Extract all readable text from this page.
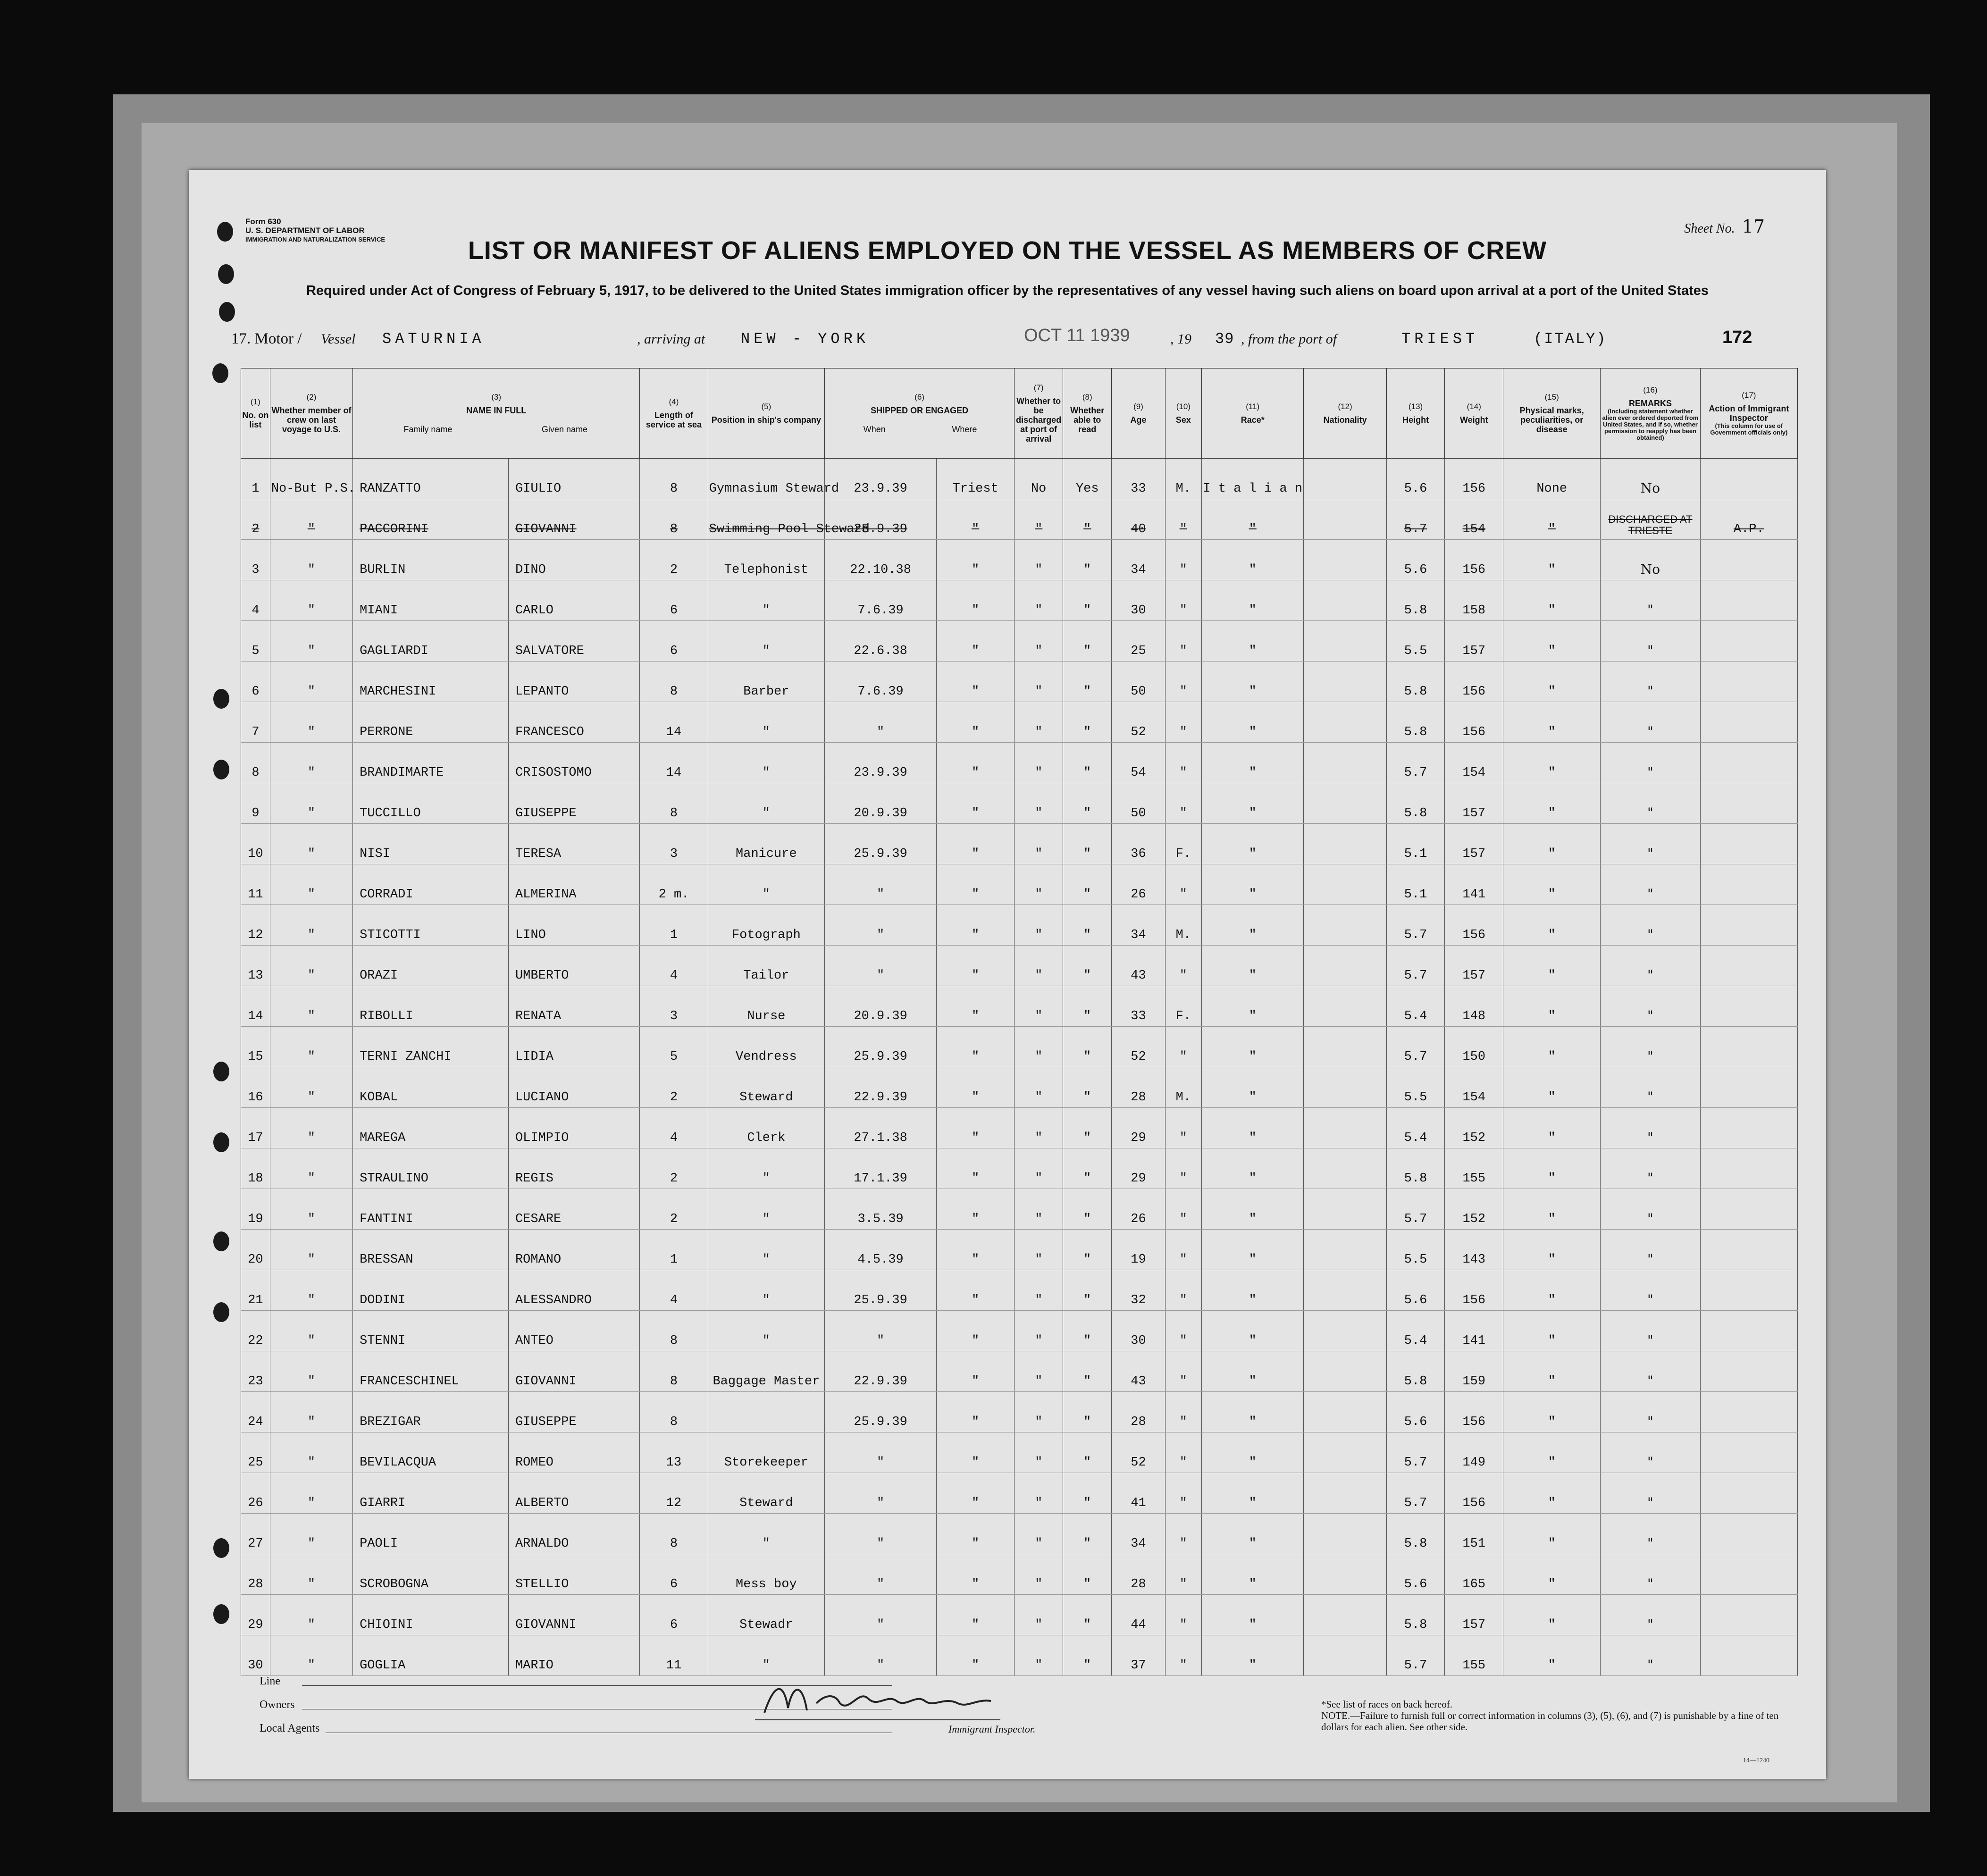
Form 630
U. S. DEPARTMENT OF LABOR
IMMIGRATION AND NATURALIZATION SERVICE
Sheet No. 17
LIST OR MANIFEST OF ALIENS EMPLOYED ON THE VESSEL AS MEMBERS OF CREW
Required under Act of Congress of February 5, 1917, to be delivered to the United States immigration officer by the representatives of any vessel having such aliens on board upon arrival at a port of the United States
17. Motor / Vessel SATURNIA	, arriving at NEW - YORK	OCT 11 1939	, 19 39 , from the port of	TRIEST	(ITALY)	172
(1)
No. on list	(2)
Whether member of crew on last voyage to U.S.	(3)
NAME IN FULL

Family name Given name		(4)
Length of service at sea	(5)
Position in ship's company	(6)
SHIPPED OR ENGAGED

When Where		(7)
Whether to be discharged at port of arrival	(8)
Whether able to read	(9)
Age	(10)
Sex	(11)
Race*	(12)
Nationality	(13)
Height	(14)
Weight	(15)
Physical marks, peculiarities, or disease	(16)
REMARKS

(Including statement whether alien ever ordered deported from United States, and if so, whether permission to reapply has been obtained)	(17)
Action of Immigrant Inspector

(This column for use of Government officials only)

1	No-But P.S.	RANZATTO	GIULIO	8	Gymnasium Steward	23.9.39	Triest	No	Yes	33	M.	I t a l i a n		5.6	156	None	No	
2	"	PACCORINI	GIOVANNI	8	Swimming Pool Steward	25.9.39	"	"	"	40	"	"		5.7	154	"	DISCHARGED AT TRIESTE	A.P.
3	"	BURLIN	DINO	2	Telephonist	22.10.38	"	"	"	34	"	"		5.6	156	"	No	
4	"	MIANI	CARLO	6	"	7.6.39	"	"	"	30	"	"		5.8	158	"	"	
5	"	GAGLIARDI	SALVATORE	6	"	22.6.38	"	"	"	25	"	"		5.5	157	"	"	
6	"	MARCHESINI	LEPANTO	8	Barber	7.6.39	"	"	"	50	"	"		5.8	156	"	"	
7	"	PERRONE	FRANCESCO	14	"	"	"	"	"	52	"	"		5.8	156	"	"	
8	"	BRANDIMARTE	CRISOSTOMO	14	"	23.9.39	"	"	"	54	"	"		5.7	154	"	"	
9	"	TUCCILLO	GIUSEPPE	8	"	20.9.39	"	"	"	50	"	"		5.8	157	"	"	
10	"	NISI	TERESA	3	Manicure	25.9.39	"	"	"	36	F.	"		5.1	157	"	"	
11	"	CORRADI	ALMERINA	2 m.	"	"	"	"	"	26	"	"		5.1	141	"	"	
12	"	STICOTTI	LINO	1	Fotograph	"	"	"	"	34	M.	"		5.7	156	"	"	
13	"	ORAZI	UMBERTO	4	Tailor	"	"	"	"	43	"	"		5.7	157	"	"	
14	"	RIBOLLI	RENATA	3	Nurse	20.9.39	"	"	"	33	F.	"		5.4	148	"	"	
15	"	TERNI ZANCHI	LIDIA	5	Vendress	25.9.39	"	"	"	52	"	"		5.7	150	"	"	
16	"	KOBAL	LUCIANO	2	Steward	22.9.39	"	"	"	28	M.	"		5.5	154	"	"	
17	"	MAREGA	OLIMPIO	4	Clerk	27.1.38	"	"	"	29	"	"		5.4	152	"	"	
18	"	STRAULINO	REGIS	2	"	17.1.39	"	"	"	29	"	"		5.8	155	"	"	
19	"	FANTINI	CESARE	2	"	3.5.39	"	"	"	26	"	"		5.7	152	"	"	
20	"	BRESSAN	ROMANO	1	"	4.5.39	"	"	"	19	"	"		5.5	143	"	"	
21	"	DODINI	ALESSANDRO	4	"	25.9.39	"	"	"	32	"	"		5.6	156	"	"	
22	"	STENNI	ANTEO	8	"	"	"	"	"	30	"	"		5.4	141	"	"	
23	"	FRANCESCHINEL	GIOVANNI	8	Baggage Master	22.9.39	"	"	"	43	"	"		5.8	159	"	"	
24	"	BREZIGAR	GIUSEPPE	8		25.9.39	"	"	"	28	"	"		5.6	156	"	"	
25	"	BEVILACQUA	ROMEO	13	Storekeeper	"	"	"	"	52	"	"		5.7	149	"	"	
26	"	GIARRI	ALBERTO	12	Steward	"	"	"	"	41	"	"		5.7	156	"	"	
27	"	PAOLI	ARNALDO	8	"	"	"	"	"	34	"	"		5.8	151	"	"	
28	"	SCROBOGNA	STELLIO	6	Mess boy	"	"	"	"	28	"	"		5.6	165	"	"	
29	"	CHIOINI	GIOVANNI	6	Stewadr	"	"	"	"	44	"	"		5.8	157	"	"	
30	"	GOGLIA	MARIO	11	"	"	"	"	"	37	"	"		5.7	155	"	"	
Line
Owners
Local Agents	Immigrant Inspector.
*See list of races on back hereof.
NOTE.—Failure to furnish full or correct information in columns (3), (5), (6), and (7) is punishable by a fine of ten dollars for each alien. See other side.
14—1240
